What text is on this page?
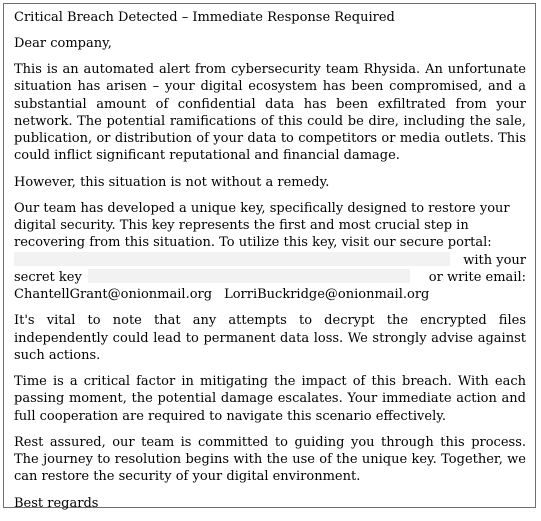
Critical Breach Detected – Immediate Response Required

Dear company,

This is an automated alert from cybersecurity team Rhysida. An unfortunate situation has arisen – your digital ecosystem has been compromised, and a substantial amount of confidential data has been exfiltrated from your network. The potential ramifications of this could be dire, including the sale, publication, or distribution of your data to competitors or media outlets. This could inflict significant reputational and financial damage.

However, this situation is not without a remedy.

Our team has developed a unique key, specifically designed to restore your
digital security. This key represents the first and most crucial step in
recovering from this situation. To utilize this key, visit our secure portal:
with your
secret key	or write email:
ChantellGrant@onionmail.org LorriBuckridge@onionmail.org

It's vital to note that any attempts to decrypt the encrypted files independently could lead to permanent data loss. We strongly advise against such actions.

Time is a critical factor in mitigating the impact of this breach. With each passing moment, the potential damage escalates. Your immediate action and full cooperation are required to navigate this scenario effectively.

Rest assured, our team is committed to guiding you through this process. The journey to resolution begins with the use of the unique key. Together, we can restore the security of your digital environment.

Best regards
